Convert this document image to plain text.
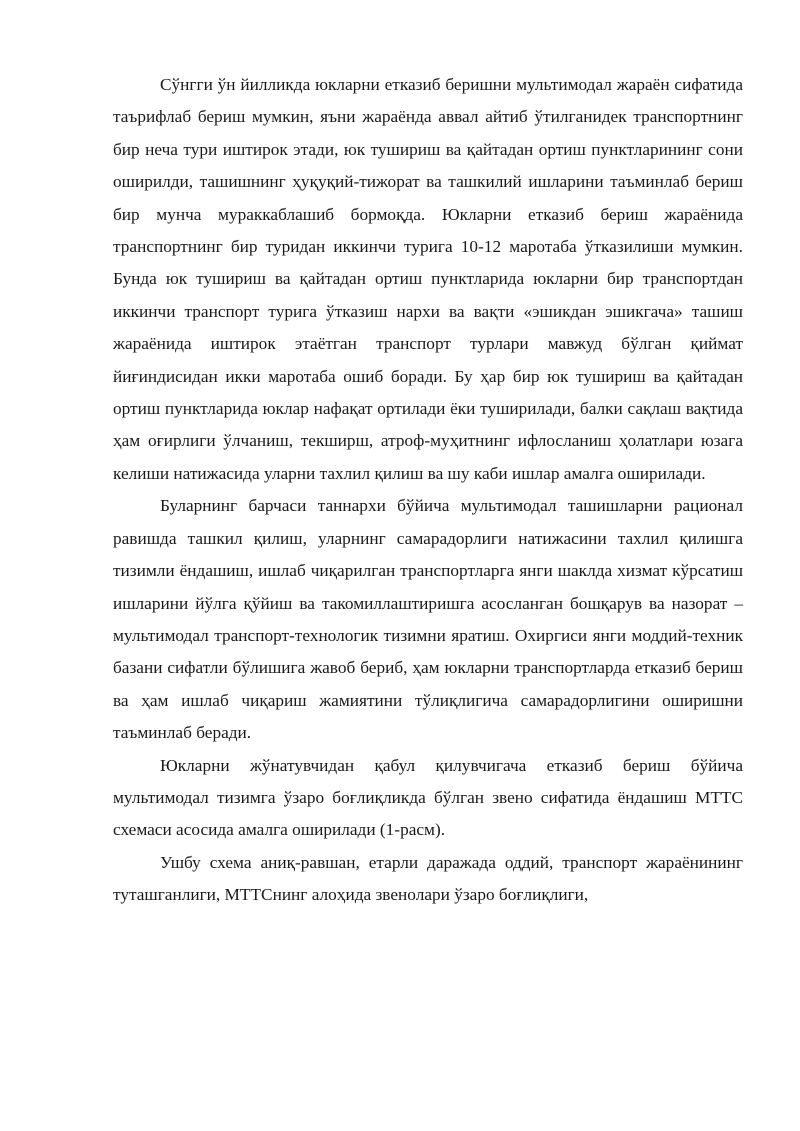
Сўнгги ўн йилликда юкларни етказиб беришни мультимодал жараён сифатида таърифлаб бериш мумкин, яъни жараёнда аввал айтиб ўтилганидек транспортнинг бир неча тури иштирок этади, юк тушириш ва қайтадан ортиш пунктларининг сони оширилди, ташишнинг ҳуқуқий-тижорат ва ташкилий ишларини таъминлаб бериш бир мунча мураккаблашиб бормоқда. Юкларни етказиб бериш жараёнида транспортнинг бир туридан иккинчи турига 10-12 маротаба ўтказилиши мумкин. Бунда юк тушириш ва қайтадан ортиш пунктларида юкларни бир транспортдан иккинчи транспорт турига ўтказиш нархи ва вақти «эшикдан эшикгача» ташиш жараёнида иштирок этаётган транспорт турлари мавжуд бўлган қиймат йиғиндисидан икки маротаба ошиб боради. Бу ҳар бир юк тушириш ва қайтадан ортиш пунктларида юклар нафақат ортилади ёки туширилади, балки сақлаш вақтида ҳам оғирлиги ўлчаниш, текширш, атроф-муҳитнинг ифлосланиш ҳолатлари юзага келиши натижасида уларни тахлил қилиш ва шу каби ишлар амалга оширилади.

Буларнинг барчаси таннархи бўйича мультимодал ташишларни рационал равишда ташкил қилиш, уларнинг самарадорлиги натижасини тахлил қилишга тизимли ёндашиш, ишлаб чиқарилган транспортларга янги шаклда хизмат кўрсатиш ишларини йўлга қўйиш ва такомиллаштиришга асосланган бошқарув ва назорат – мультимодал транспорт-технологик тизимни яратиш. Охиргиси янги моддий-техник базани сифатли бўлишига жавоб бериб, ҳам юкларни транспортларда етказиб бериш ва ҳам ишлаб чиқариш жамиятини тўлиқлигича самарадорлигини оширишни таъминлаб беради.

Юкларни жўнатувчидан қабул қилувчигача етказиб бериш бўйича мультимодал тизимга ўзаро боғлиқликда бўлган звено сифатида ёндашиш МТТС схемаси асосида амалга оширилади (1-расм).

Ушбу схема аниқ-равшан, етарли даражада оддий, транспорт жараёнининг туташганлиги, МТТСнинг алоҳида звенолари ўзаро боғлиқлиги,
